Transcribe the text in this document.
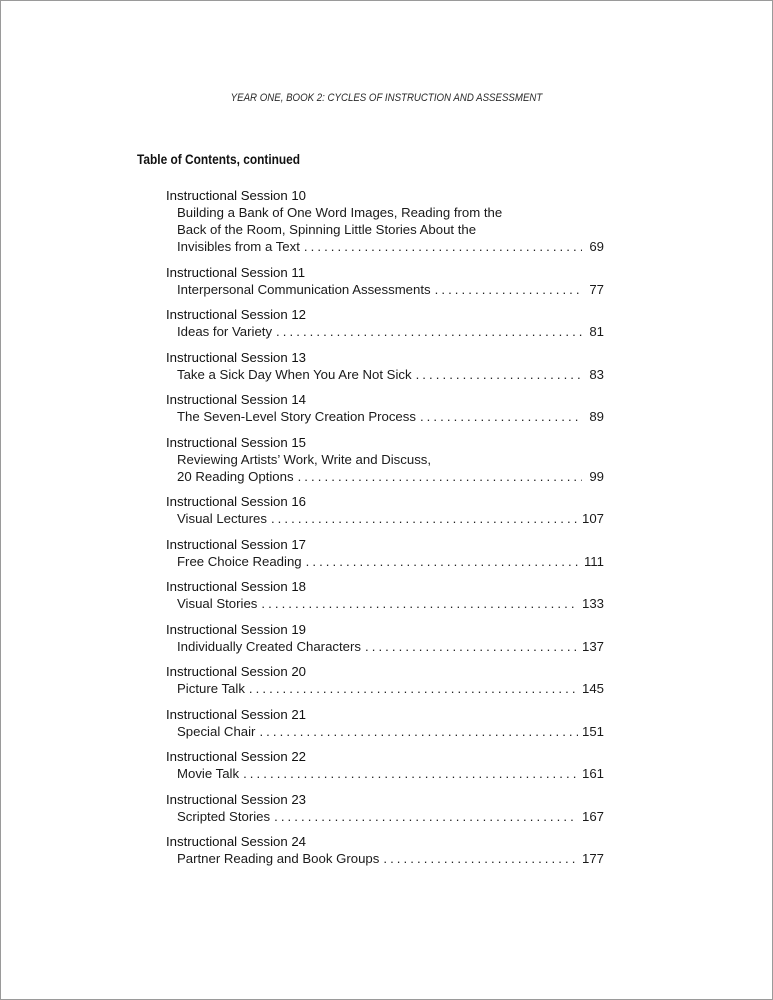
YEAR ONE, BOOK 2: CYCLES OF INSTRUCTION AND ASSESSMENT
Table of Contents, continued
Instructional Session 10
Building a Bank of One Word Images, Reading from the
Back of the Room, Spinning Little Stories About the
Invisibles from a Text . . .	69
Instructional Session 11
Interpersonal Communication Assessments . . .	77
Instructional Session 12
Ideas for Variety . . .	81
Instructional Session 13
Take a Sick Day When You Are Not Sick . . .	83
Instructional Session 14
The Seven-Level Story Creation Process . . .	89
Instructional Session 15
Reviewing Artists’ Work, Write and Discuss,
20 Reading Options . . .	99
Instructional Session 16
Visual Lectures . . .	107
Instructional Session 17
Free Choice Reading . . .	111
Instructional Session 18
Visual Stories . . .	133
Instructional Session 19
Individually Created Characters . . .	137
Instructional Session 20
Picture Talk . . .	145
Instructional Session 21
Special Chair . . .	151
Instructional Session 22
Movie Talk . . .	161
Instructional Session 23
Scripted Stories . . .	167
Instructional Session 24
Partner Reading and Book Groups . . .	177
